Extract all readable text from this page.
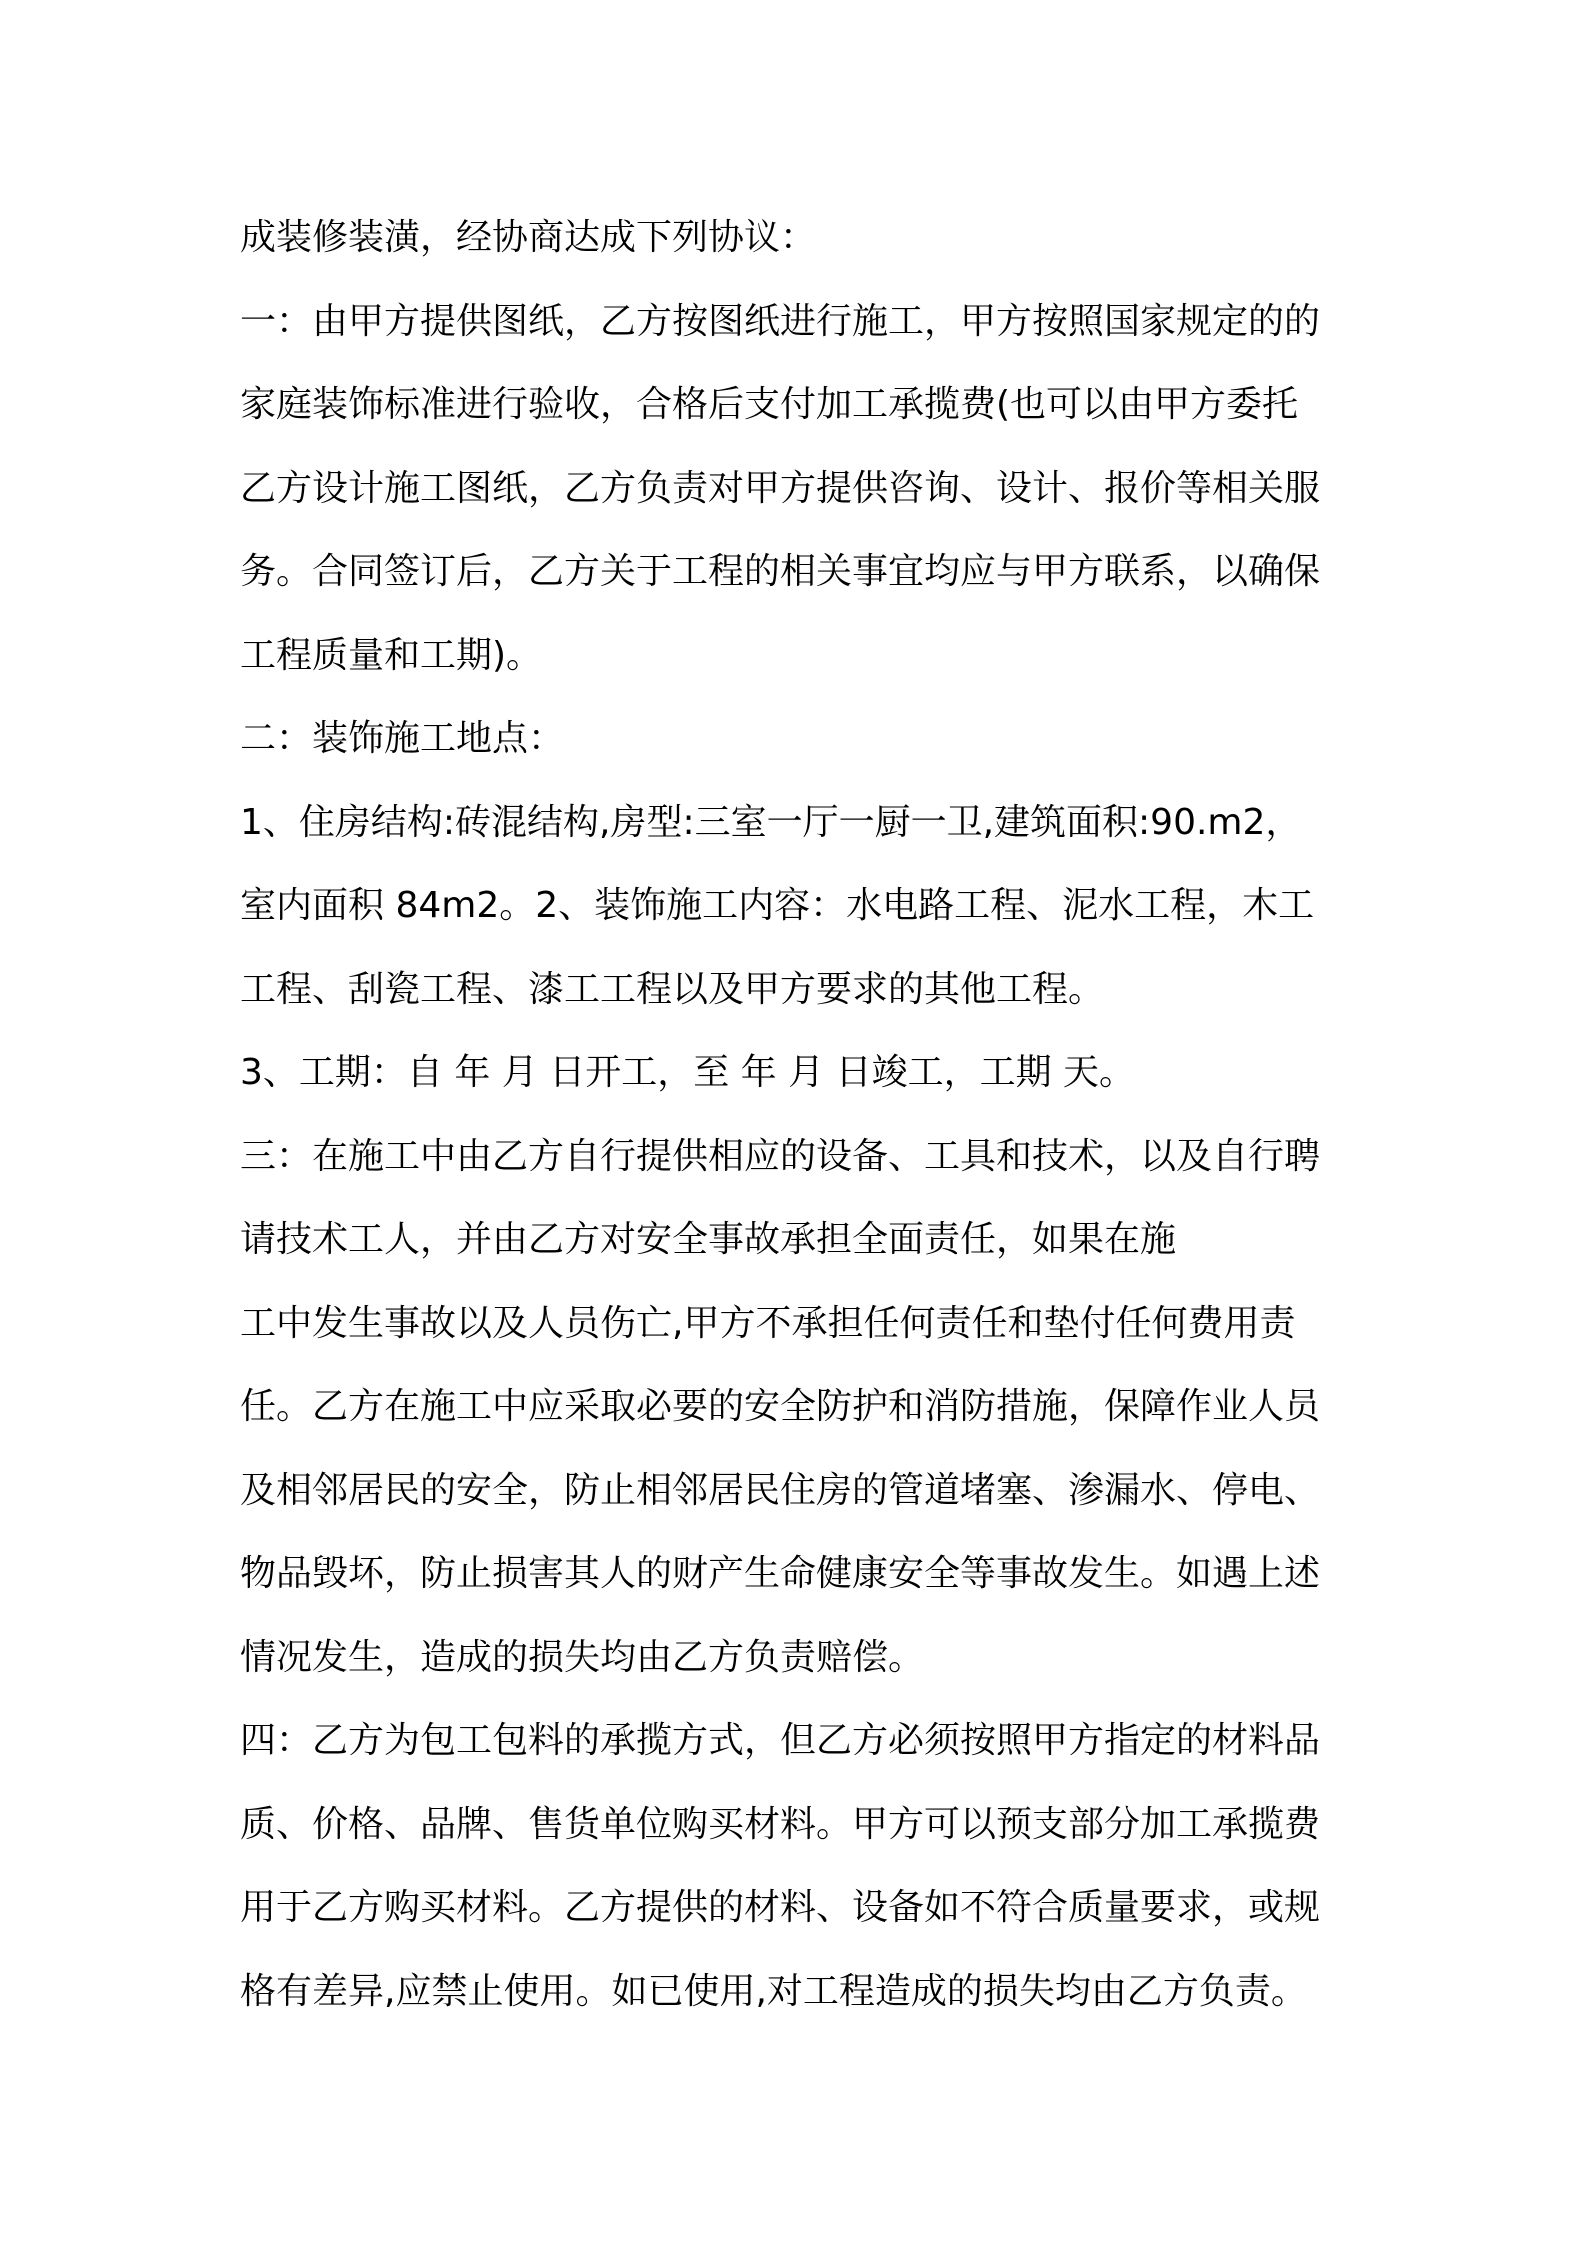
成装修装潢，经协商达成下列协议：
一：由甲方提供图纸，乙方按图纸进行施工，甲方按照国家规定的的
家庭装饰标准进行验收，合格后支付加工承揽费(也可以由甲方委托
乙方设计施工图纸，乙方负责对甲方提供咨询、设计、报价等相关服
务。合同签订后，乙方关于工程的相关事宜均应与甲方联系，以确保
工程质量和工期)。
二：装饰施工地点：
1、住房结构:砖混结构,房型:三室一厅一厨一卫,建筑面积:90.m2，
室内面积 84m2。2、装饰施工内容：水电路工程、泥水工程，木工
工程、刮瓷工程、漆工工程以及甲方要求的其他工程。
3、工期：自 年 月 日开工，至 年 月 日竣工，工期 天。
三：在施工中由乙方自行提供相应的设备、工具和技术，以及自行聘
请技术工人，并由乙方对安全事故承担全面责任，如果在施
工中发生事故以及人员伤亡,甲方不承担任何责任和垫付任何费用责
任。乙方在施工中应采取必要的安全防护和消防措施，保障作业人员
及相邻居民的安全，防止相邻居民住房的管道堵塞、渗漏水、停电、
物品毁坏，防止损害其人的财产生命健康安全等事故发生。如遇上述
情况发生，造成的损失均由乙方负责赔偿。
四：乙方为包工包料的承揽方式，但乙方必须按照甲方指定的材料品
质、价格、品牌、售货单位购买材料。甲方可以预支部分加工承揽费
用于乙方购买材料。乙方提供的材料、设备如不符合质量要求，或规
格有差异,应禁止使用。如已使用,对工程造成的损失均由乙方负责。
